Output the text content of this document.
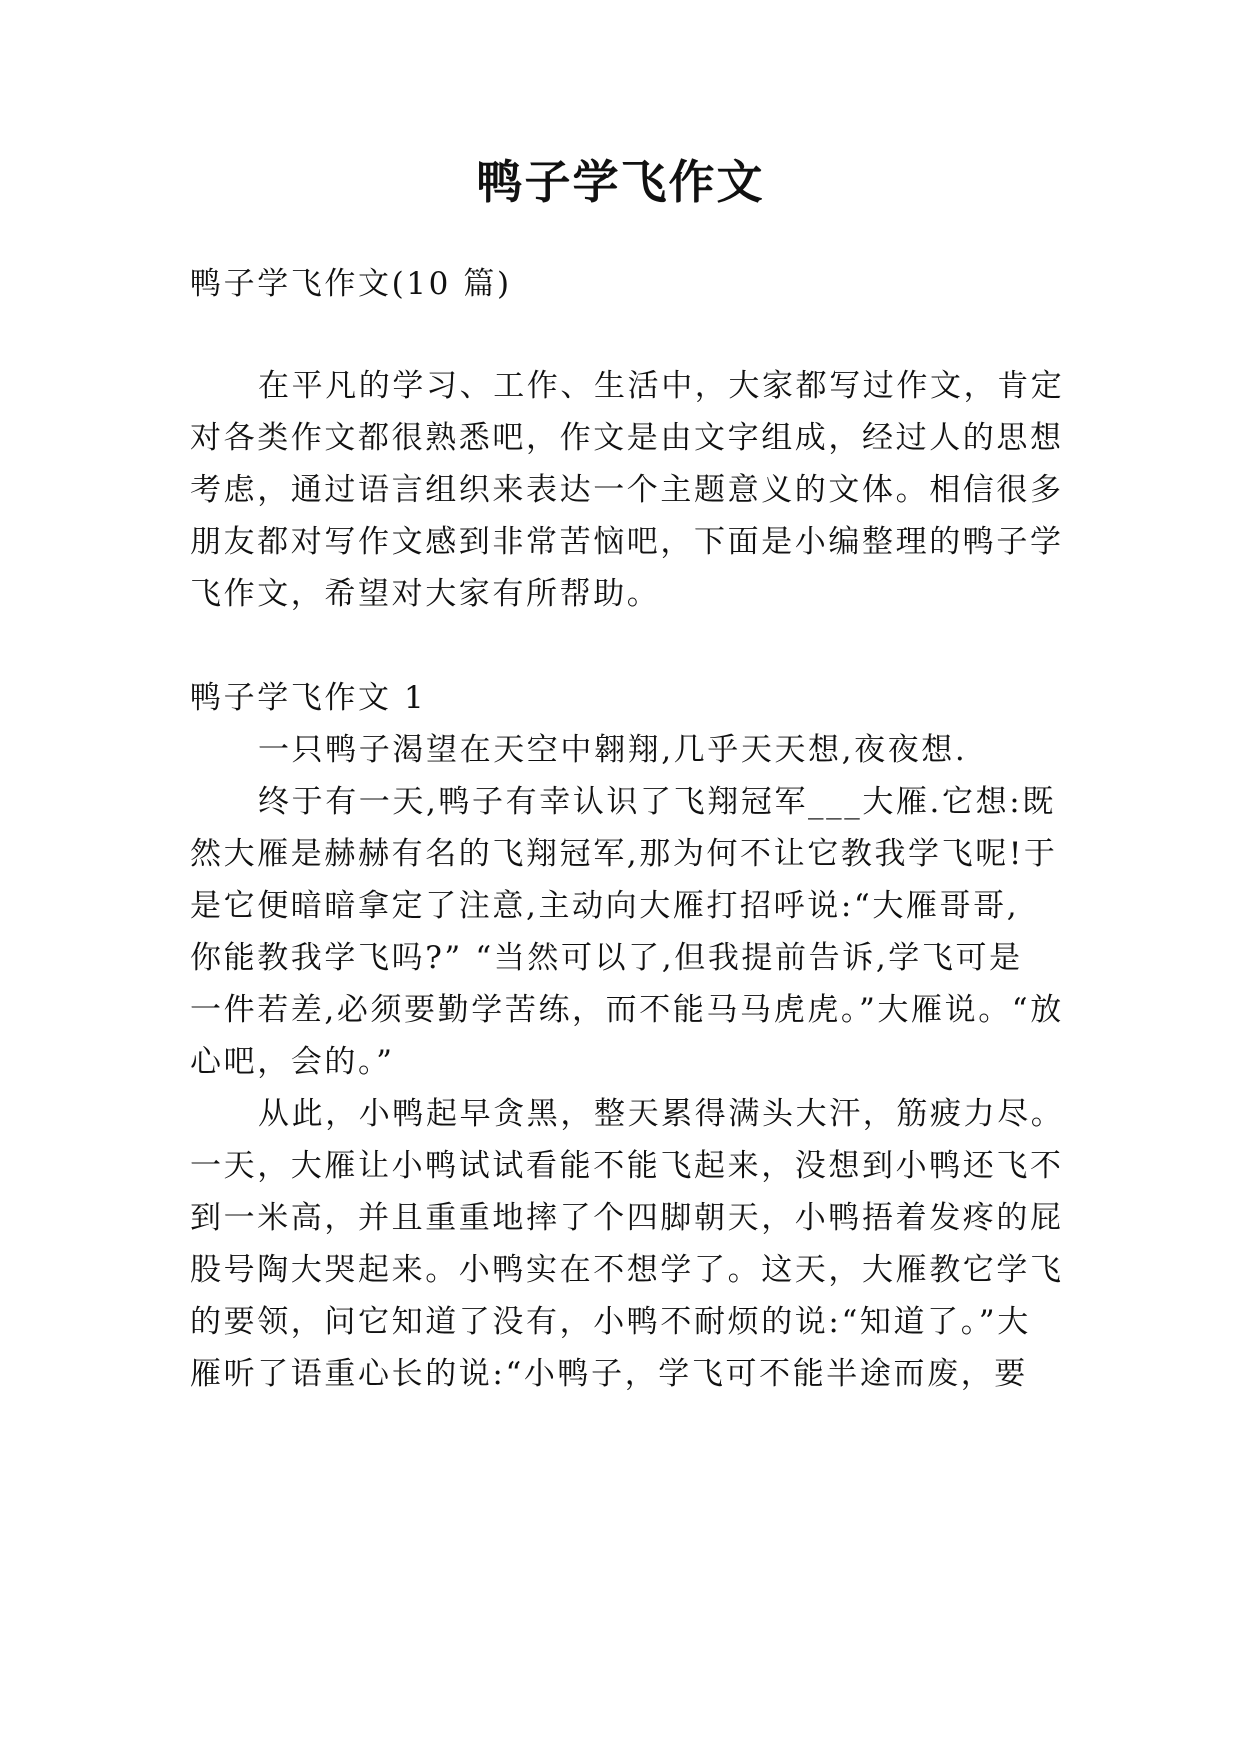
鸭子学飞作文
鸭子学飞作文(10 篇)
在平凡的学习、工作、生活中，大家都写过作文，肯定
对各类作文都很熟悉吧，作文是由文字组成，经过人的思想
考虑，通过语言组织来表达一个主题意义的文体。相信很多
朋友都对写作文感到非常苦恼吧，下面是小编整理的鸭子学
飞作文，希望对大家有所帮助。
鸭子学飞作文 1
一只鸭子渴望在天空中翱翔,几乎天天想,夜夜想.
终于有一天,鸭子有幸认识了飞翔冠军___大雁.它想:既
然大雁是赫赫有名的飞翔冠军,那为何不让它教我学飞呢!于
是它便暗暗拿定了注意,主动向大雁打招呼说:“大雁哥哥,
你能教我学飞吗?” “当然可以了,但我提前告诉,学飞可是
一件若差,必须要勤学苦练，而不能马马虎虎。”大雁说。“放
心吧，会的。”
从此，小鸭起早贪黑，整天累得满头大汗，筋疲力尽。
一天，大雁让小鸭试试看能不能飞起来，没想到小鸭还飞不
到一米高，并且重重地摔了个四脚朝天，小鸭捂着发疼的屁
股号陶大哭起来。小鸭实在不想学了。这天，大雁教它学飞
的要领，问它知道了没有，小鸭不耐烦的说:“知道了。”大
雁听了语重心长的说:“小鸭子，学飞可不能半途而废，要
